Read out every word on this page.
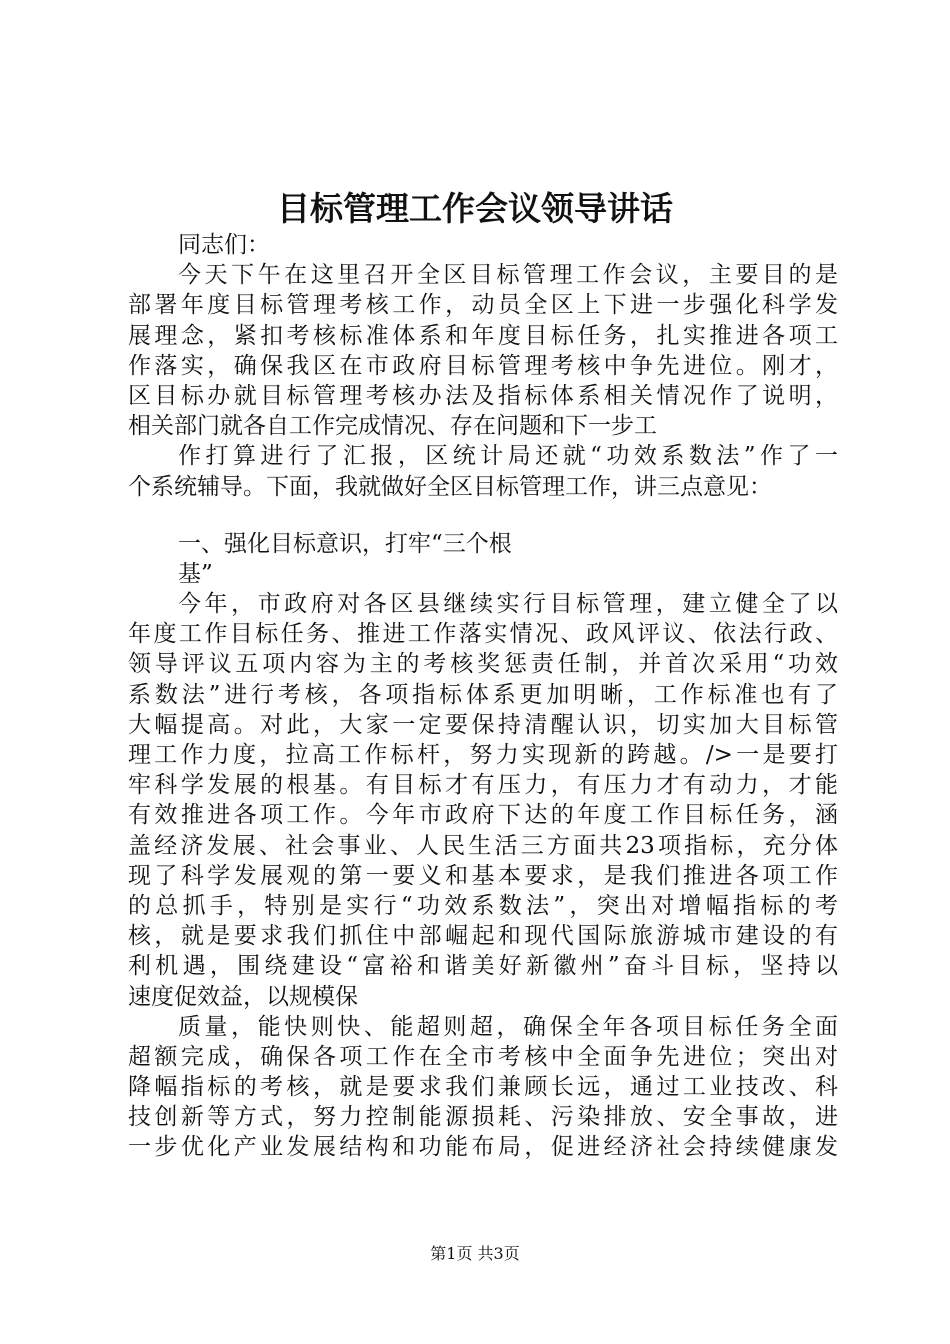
目标管理工作会议领导讲话
同志们：
今天下午在这里召开全区目标管理工作会议，主要目的是
部署年度目标管理考核工作，动员全区上下进一步强化科学发
展理念，紧扣考核标准体系和年度目标任务，扎实推进各项工
作落实，确保我区在市政府目标管理考核中争先进位。刚才，
区目标办就目标管理考核办法及指标体系相关情况作了说明，
相关部门就各自工作完成情况、存在问题和下一步工
作打算进行了汇报，区统计局还就“功效系数法”作了一
个系统辅导。下面，我就做好全区目标管理工作，讲三点意见：
一、强化目标意识，打牢“三个根
基”
今年，市政府对各区县继续实行目标管理，建立健全了以
年度工作目标任务、推进工作落实情况、政风评议、依法行政、
领导评议五项内容为主的考核奖惩责任制，并首次采用“功效
系数法”进行考核，各项指标体系更加明晰，工作标准也有了
大幅提高。对此，大家一定要保持清醒认识，切实加大目标管
理工作力度，拉高工作标杆，努力实现新的跨越。/>一是要打
牢科学发展的根基。有目标才有压力，有压力才有动力，才能
有效推进各项工作。今年市政府下达的年度工作目标任务，涵
盖经济发展、社会事业、人民生活三方面共23项指标，充分体
现了科学发展观的第一要义和基本要求，是我们推进各项工作
的总抓手，特别是实行“功效系数法”，突出对增幅指标的考
核，就是要求我们抓住中部崛起和现代国际旅游城市建设的有
利机遇，围绕建设“富裕和谐美好新徽州”奋斗目标，坚持以
速度促效益，以规模保
质量，能快则快、能超则超，确保全年各项目标任务全面
超额完成，确保各项工作在全市考核中全面争先进位；突出对
降幅指标的考核，就是要求我们兼顾长远，通过工业技改、科
技创新等方式，努力控制能源损耗、污染排放、安全事故，进
一步优化产业发展结构和功能布局，促进经济社会持续健康发
第1页 共3页
